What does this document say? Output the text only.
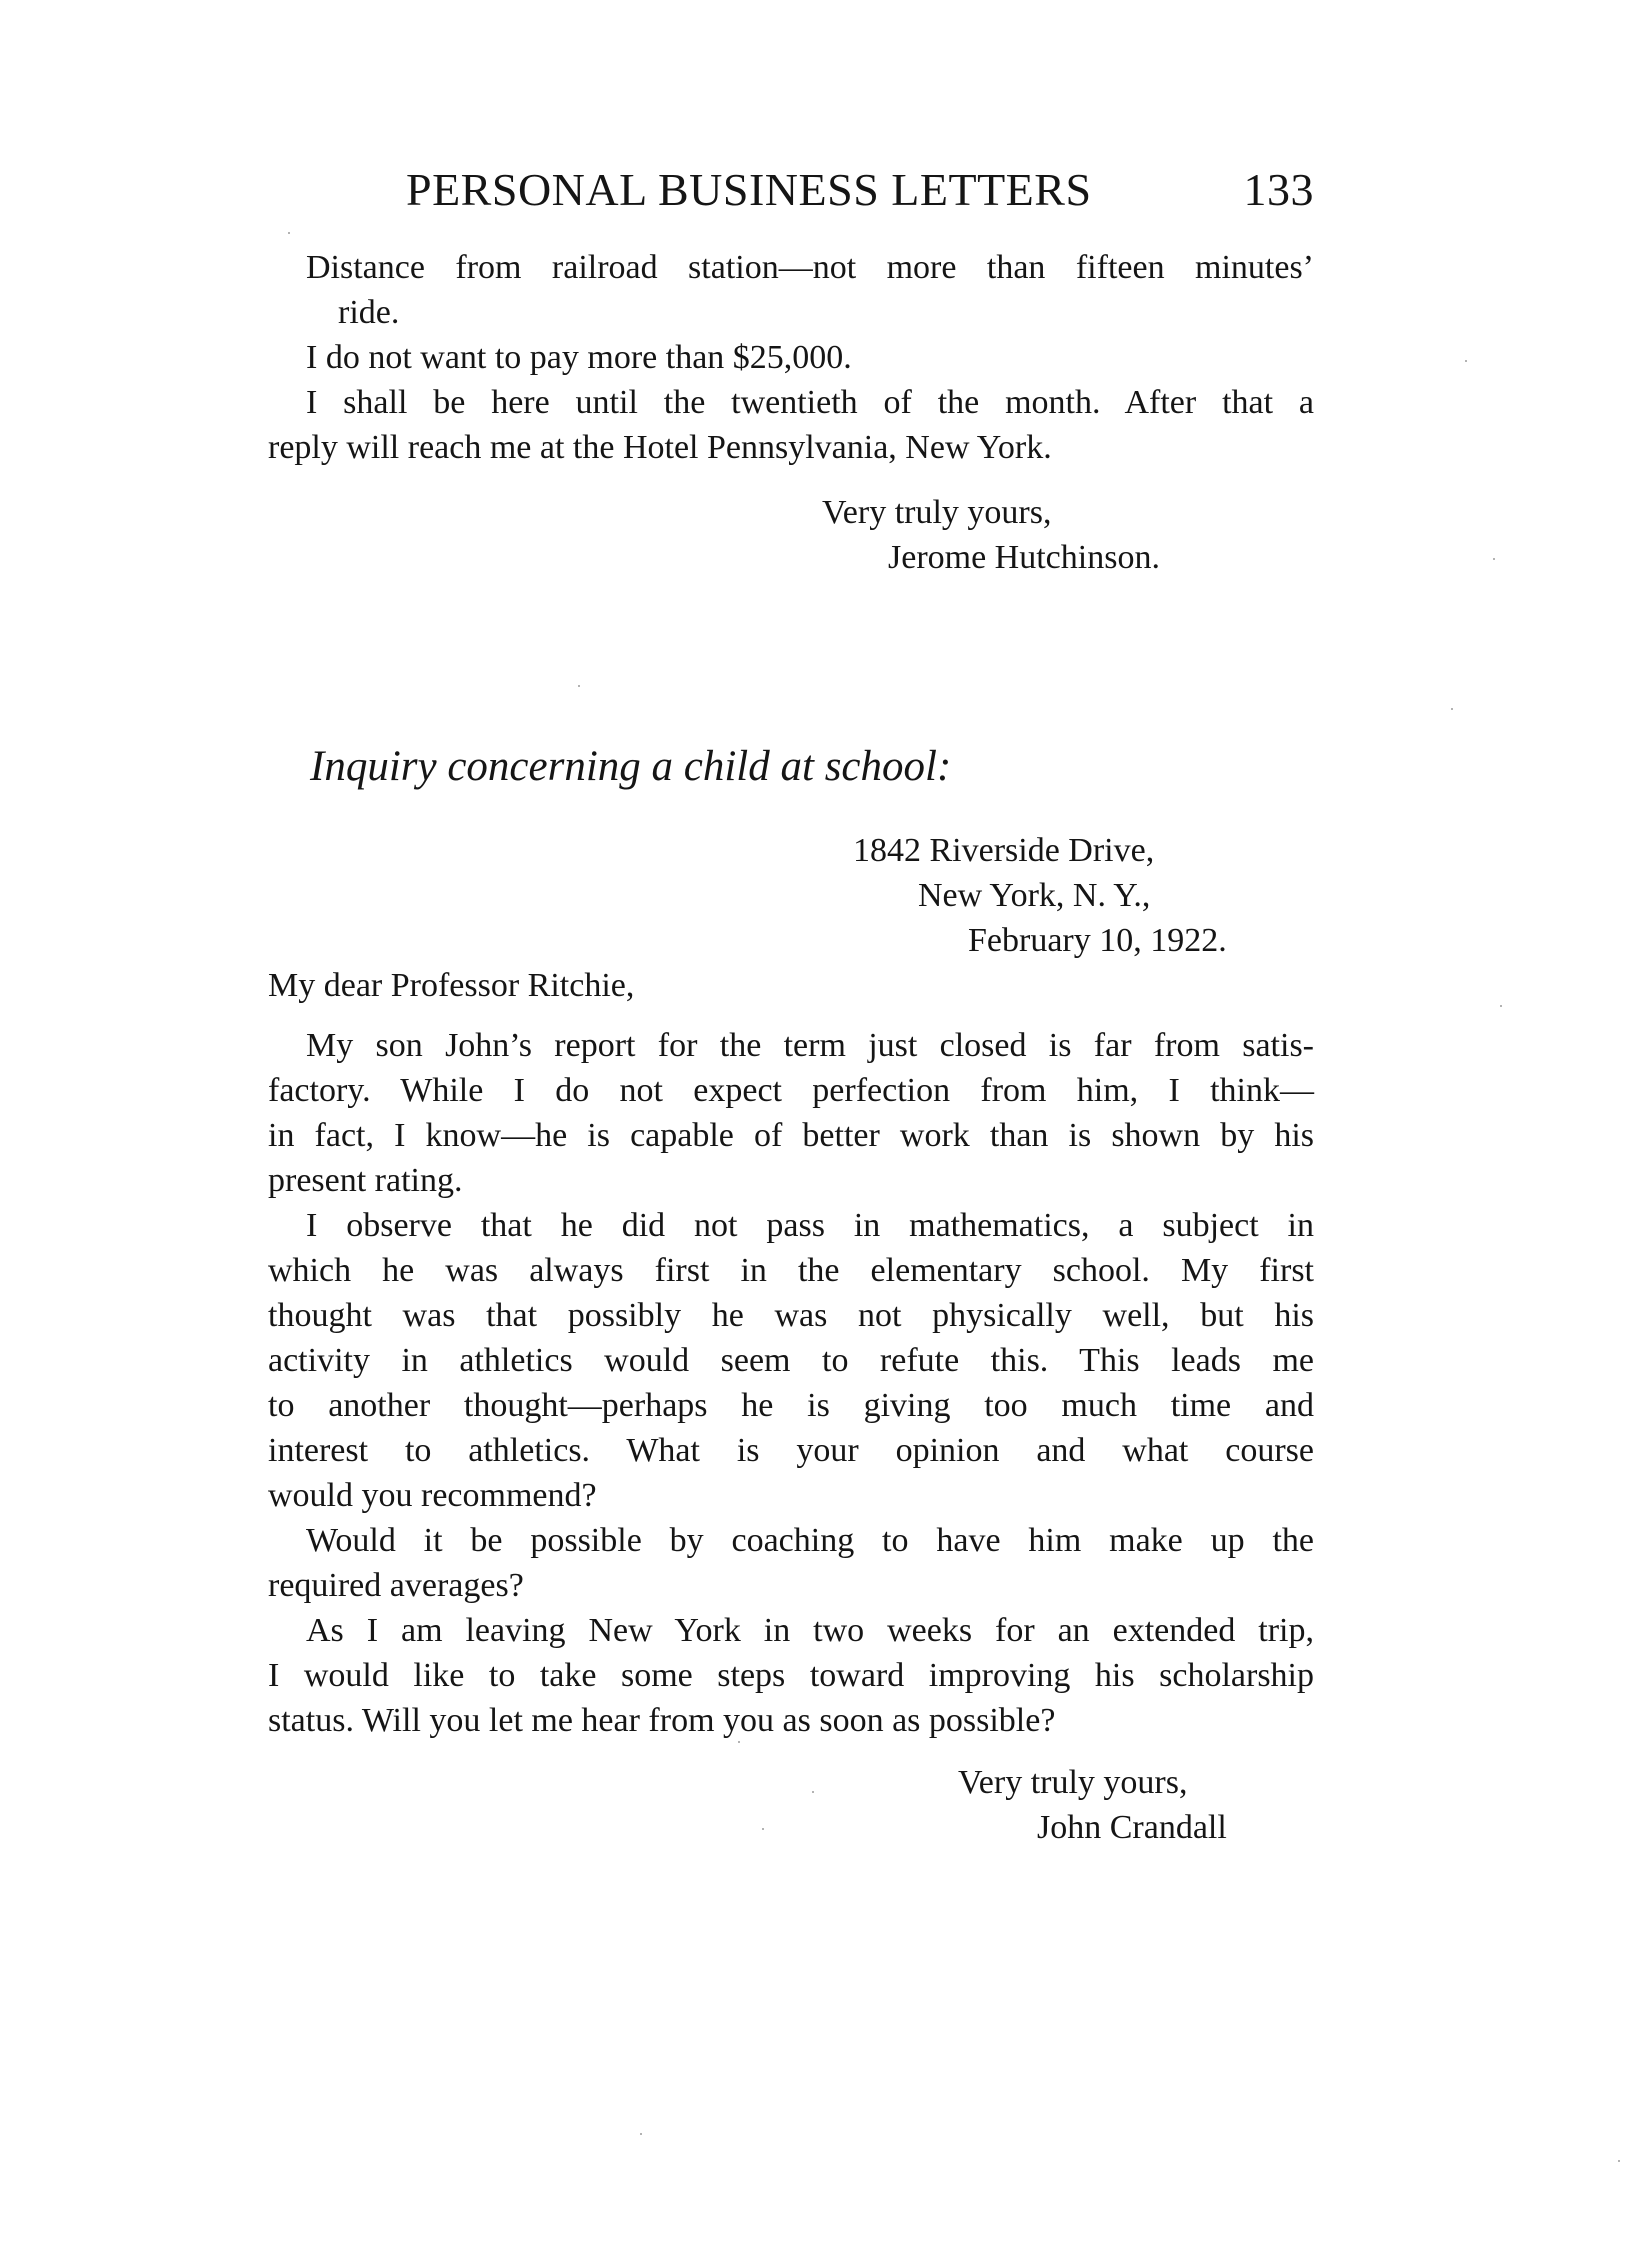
PERSONAL BUSINESS LETTERS	133
Distance from railroad station—not more than fifteen minutes’
ride.
I do not want to pay more than $25,000.
I shall be here until the twentieth of the month. After that a
reply will reach me at the Hotel Pennsylvania, New York.
Very truly yours,
Jerome Hutchinson.
Inquiry concerning a child at school:
1842 Riverside Drive,
New York, N. Y.,
February 10, 1922.
My dear Professor Ritchie,
My son John’s report for the term just closed is far from satis-
factory. While I do not expect perfection from him, I think—
in fact, I know—he is capable of better work than is shown by his
present rating.
I observe that he did not pass in mathematics, a subject in
which he was always first in the elementary school. My first
thought was that possibly he was not physically well, but his
activity in athletics would seem to refute this. This leads me
to another thought—perhaps he is giving too much time and
interest to athletics. What is your opinion and what course
would you recommend?
Would it be possible by coaching to have him make up the
required averages?
As I am leaving New York in two weeks for an extended trip,
I would like to take some steps toward improving his scholarship
status. Will you let me hear from you as soon as possible?
Very truly yours,
John Crandall
